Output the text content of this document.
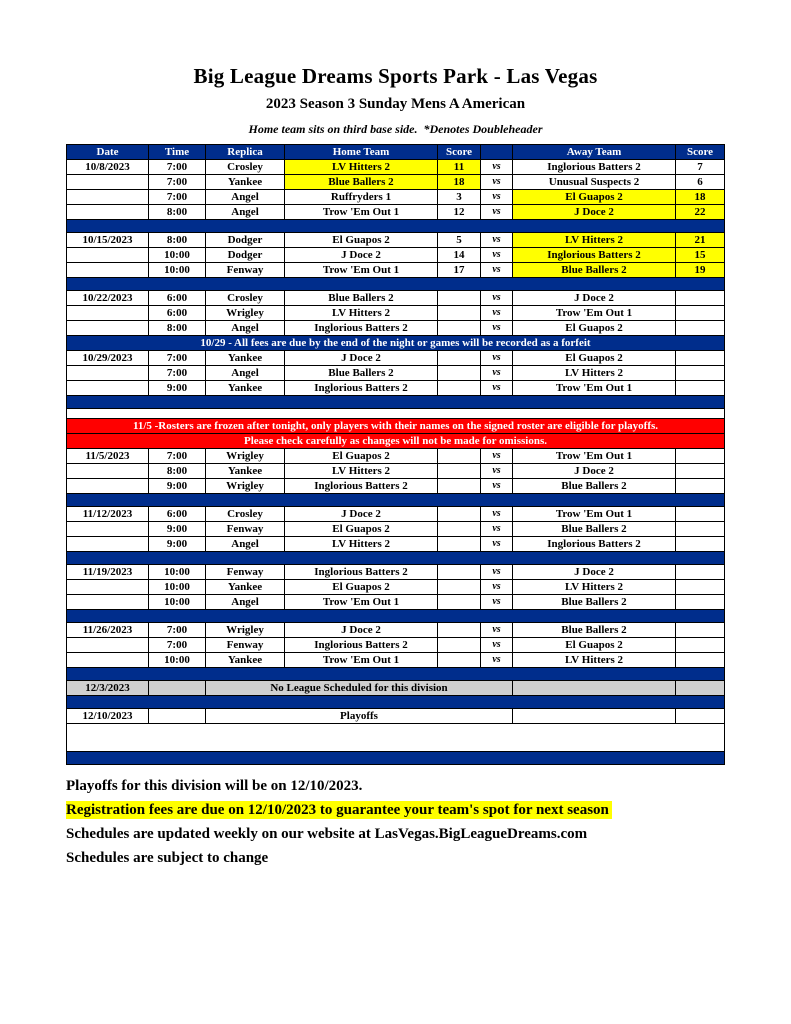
Big League Dreams Sports Park - Las Vegas
2023 Season 3 Sunday Mens A American
Home team sits on third base side.  *Denotes Doubleheader
Date	Time	Replica	Home Team	Score		Away Team	Score
10/8/2023	7:00	Crosley	LV Hitters 2	11	vs	Inglorious Batters 2	7
	7:00	Yankee	Blue Ballers 2	18	vs	Unusual Suspects 2	6
	7:00	Angel	Ruffryders 1	3	vs	El Guapos 2	18
	8:00	Angel	Trow 'Em Out 1	12	vs	J Doce 2	22

10/15/2023	8:00	Dodger	El Guapos 2	5	vs	LV Hitters 2	21
	10:00	Dodger	J Doce 2	14	vs	Inglorious Batters 2	15
	10:00	Fenway	Trow 'Em Out 1	17	vs	Blue Ballers 2	19

10/22/2023	6:00	Crosley	Blue Ballers 2		vs	J Doce 2	
	6:00	Wrigley	LV Hitters 2		vs	Trow 'Em Out 1	
	8:00	Angel	Inglorious Batters 2		vs	El Guapos 2	
10/29 - All fees are due by the end of the night or games will be recorded as a forfeit							
10/29/2023	7:00	Yankee	J Doce 2		vs	El Guapos 2	
	7:00	Angel	Blue Ballers 2		vs	LV Hitters 2	
	9:00	Yankee	Inglorious Batters 2		vs	Trow 'Em Out 1	

11/5 -Rosters are frozen after tonight, only players with their names on the signed roster are eligible for playoffs.							
Please check carefully as changes will not be made for omissions.							
11/5/2023	7:00	Wrigley	El Guapos 2		vs	Trow 'Em Out 1	
	8:00	Yankee	LV Hitters 2		vs	J Doce 2	
	9:00	Wrigley	Inglorious Batters 2		vs	Blue Ballers 2	

11/12/2023	6:00	Crosley	J Doce 2		vs	Trow 'Em Out 1	
	9:00	Fenway	El Guapos 2		vs	Blue Ballers 2	
	9:00	Angel	LV Hitters 2		vs	Inglorious Batters 2	

11/19/2023	10:00	Fenway	Inglorious Batters 2		vs	J Doce 2	
	10:00	Yankee	El Guapos 2		vs	LV Hitters 2	
	10:00	Angel	Trow 'Em Out 1		vs	Blue Ballers 2	

11/26/2023	7:00	Wrigley	J Doce 2		vs	Blue Ballers 2	
	7:00	Fenway	Inglorious Batters 2		vs	El Guapos 2	
	10:00	Yankee	Trow 'Em Out 1		vs	LV Hitters 2	

12/3/2023		No League Scheduled for this division					

12/10/2023		Playoffs					

Playoffs for this division will be on 12/10/2023.
Registration fees are due on 12/10/2023 to guarantee your team's spot for next season
Schedules are updated weekly on our website at LasVegas.BigLeagueDreams.com
Schedules are subject to change
